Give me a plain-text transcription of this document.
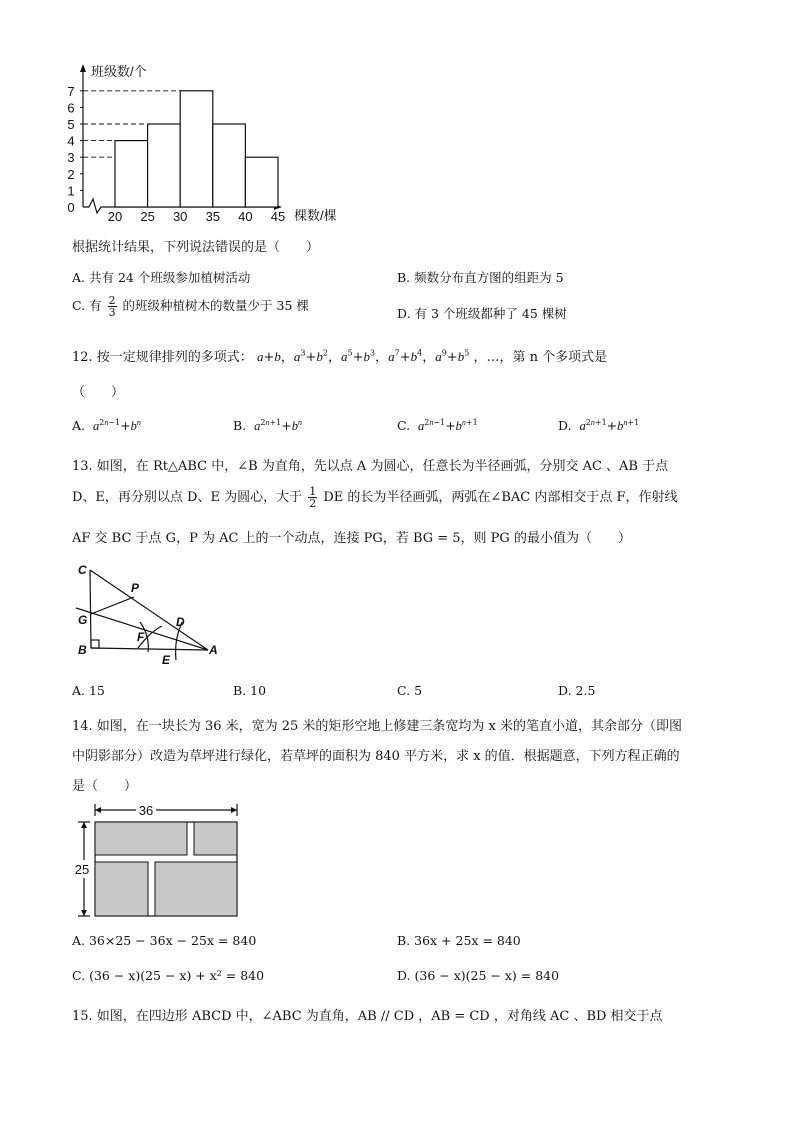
班级数/个
棵数/棵
0
1
2
3
4
5
6
7
20 25 30 35 40 45
根据统计结果，下列说法错误的是（　　）
A. 共有 24 个班级参加植树活动	B. 频数分布直方图的组距为 5
C. 有 $\frac{2}{3}$ 的班级种植树木的数量少于 35 棵
D. 有 3 个班级都种了 45 棵树
12. 按一定规律排列的多项式： a+b，$a^3+b^2$，$a^5+b^3$，$a^7+b^4$，$a^9+b^5$ ，…，第 n 个多项式是
（　　）
A. $a^{2n-1}+b^n$	B. $a^{2n+1}+b^n$	C. $a^{2n-1}+b^{n+1}$	D. $a^{2n+1}+b^{n+1}$
13. 如图，在 Rt△ABC 中，∠B 为直角，先以点 A 为圆心，任意长为半径画弧，分别交 AC 、AB 于点
D、E，再分别以点 D、E 为圆心，大于 $\frac{1}{2}$ DE 的长为半径画弧，两弧在∠BAC 内部相交于点 F，作射线
AF 交 BC 于点 G，P 为 AC 上的一个动点，连接 PG，若 BG = 5，则 PG 的最小值为（　　）
C
P
G
F
D
B
E
A
A. 15	B. 10	C. 5	D. 2.5
14. 如图，在一块长为 36 米，宽为 25 米的矩形空地上修建三条宽均为 x 米的笔直小道，其余部分（即图
中阴影部分）改造为草坪进行绿化，若草坪的面积为 840 平方米，求 x 的值．根据题意，下列方程正确的
是（　　）
36
25
A. 36×25 − 36x − 25x = 840	B. 36x + 25x = 840
C. (36 − x)(25 − x) + x² = 840	D. (36 − x)(25 − x) = 840
15. 如图，在四边形 ABCD 中，∠ABC 为直角，AB // CD ，AB = CD ，对角线 AC 、BD 相交于点
